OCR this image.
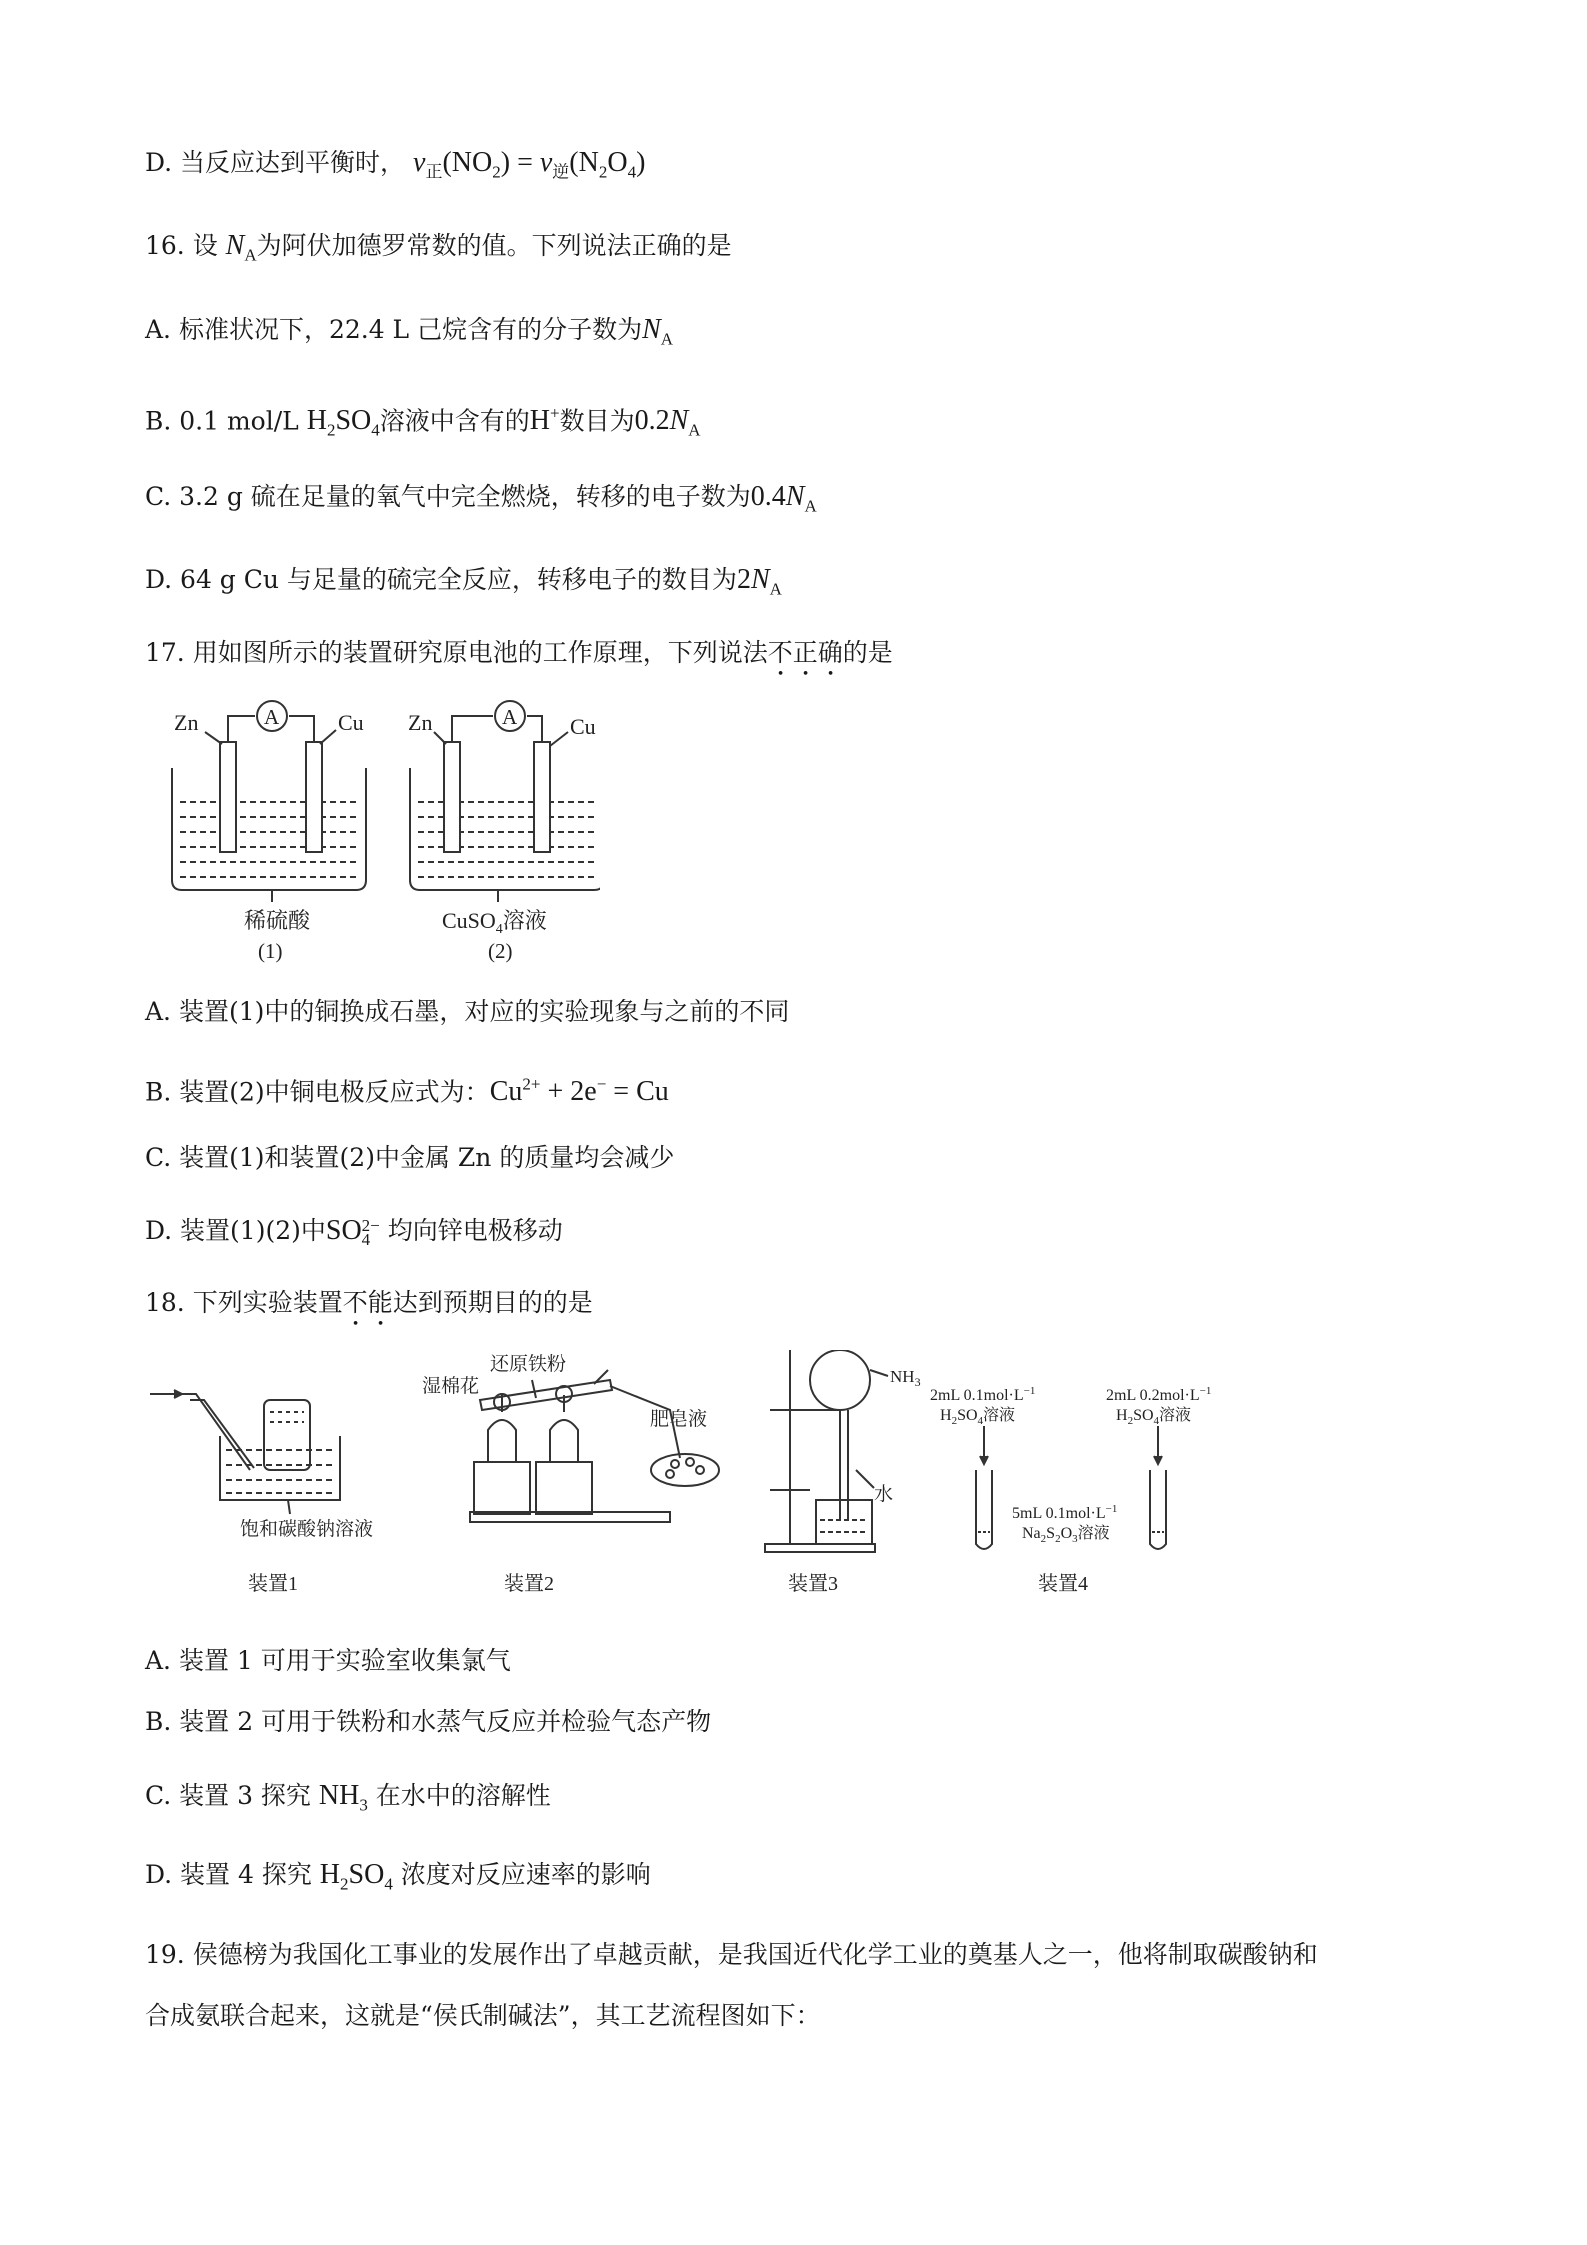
D. 当反应达到平衡时， $v_正(NO_2) = v_逆(N_2O_4)$
16. 设 $N_A$为阿伏加德罗常数的值。下列说法正确的是
A. 标准状况下，22.4 L 己烷含有的分子数为$N_A$
B. 0.1 mol/L $H_2SO_4$溶液中含有的H+数目为$0.2N_A$
C. 3.2 g 硫在足量的氧气中完全燃烧，转移的电子数为$0.4N_A$
D. 64 g Cu 与足量的硫完全反应，转移电子的数目为$2N_A$
17. 用如图所示的装置研究原电池的工作原理，下列说法不正确的是
Zn	Cu
A
稀硫酸
(1)
Zn	Cu
A
CuSO$_4$溶液
(2)
A. 装置(1)中的铜换成石墨，对应的实验现象与之前的不同
B. 装置(2)中铜电极反应式为：$Cu^{2+} + 2e^- = Cu$
C. 装置(1)和装置(2)中金属 Zn 的质量均会减少
D. 装置(1)(2)中SO 2−
4 均向锌电极移动
18. 下列实验装置不能达到预期目的的是
饱和碳酸钠溶液
装置1
湿棉花
还原铁粉
肥皂液
装置2
$NH_3$
水
装置3
2mL $0.1mol\cdot L^{-1}$
$H_2SO_4$溶液
2mL $0.2mol\cdot L^{-1}$
$H_2SO_4$溶液
5mL $0.1mol\cdot L^{-1}$
$Na_2S_2O_3$溶液
装置4
A. 装置 1 可用于实验室收集氯气
B. 装置 2 可用于铁粉和水蒸气反应并检验气态产物
C. 装置 3 探究 $NH_3$ 在水中的溶解性
D. 装置 4 探究 $H_2SO_4$ 浓度对反应速率的影响
19. 侯德榜为我国化工事业的发展作出了卓越贡献，是我国近代化学工业的奠基人之一，他将制取碳酸钠和
合成氨联合起来，这就是“侯氏制碱法”，其工艺流程图如下：
